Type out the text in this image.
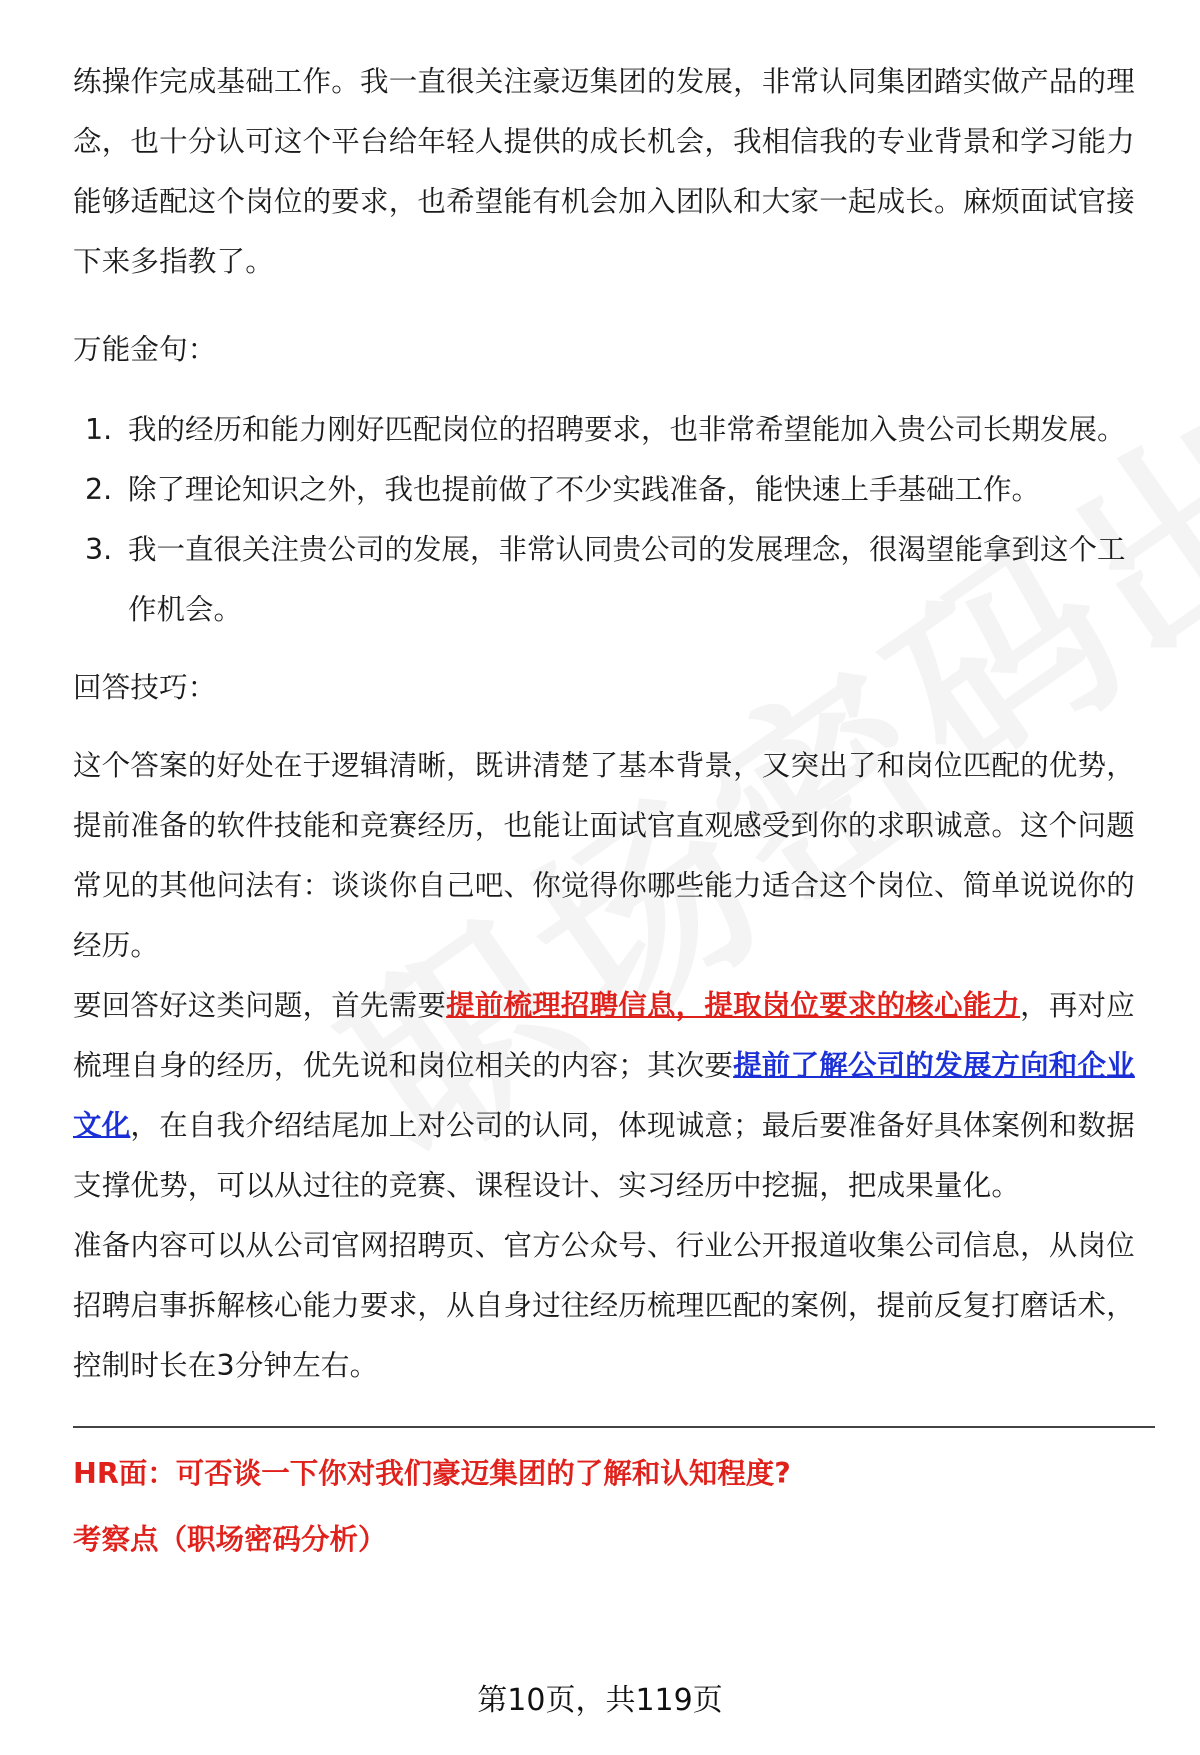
练操作完成基础工作。我一直很关注豪迈集团的发展，非常认同集团踏实做产品的理念，也十分认可这个平台给年轻人提供的成长机会，我相信我的专业背景和学习能力能够适配这个岗位的要求，也希望能有机会加入团队和大家一起成长。麻烦面试官接下来多指教了。

万能金句：

1. 我的经历和能力刚好匹配岗位的招聘要求，也非常希望能加入贵公司长期发展。
2. 除了理论知识之外，我也提前做了不少实践准备，能快速上手基础工作。
3. 我一直很关注贵公司的发展，非常认同贵公司的发展理念，很渴望能拿到这个工作机会。

回答技巧：

这个答案的好处在于逻辑清晰，既讲清楚了基本背景，又突出了和岗位匹配的优势，提前准备的软件技能和竞赛经历，也能让面试官直观感受到你的求职诚意。这个问题常见的其他问法有：谈谈你自己吧、你觉得你哪些能力适合这个岗位、简单说说你的经历。

要回答好这类问题，首先需要提前梳理招聘信息，提取岗位要求的核心能力，再对应梳理自身的经历，优先说和岗位相关的内容；其次要提前了解公司的发展方向和企业文化，在自我介绍结尾加上对公司的认同，体现诚意；最后要准备好具体案例和数据支撑优势，可以从过往的竞赛、课程设计、实习经历中挖掘，把成果量化。

准备内容可以从公司官网招聘页、官方公众号、行业公开报道收集公司信息，从岗位招聘启事拆解核心能力要求，从自身过往经历梳理匹配的案例，提前反复打磨话术，控制时长在3分钟左右。

HR面：可否谈一下你对我们豪迈集团的了解和认知程度?
考察点（职场密码分析）
第10页，共119页
